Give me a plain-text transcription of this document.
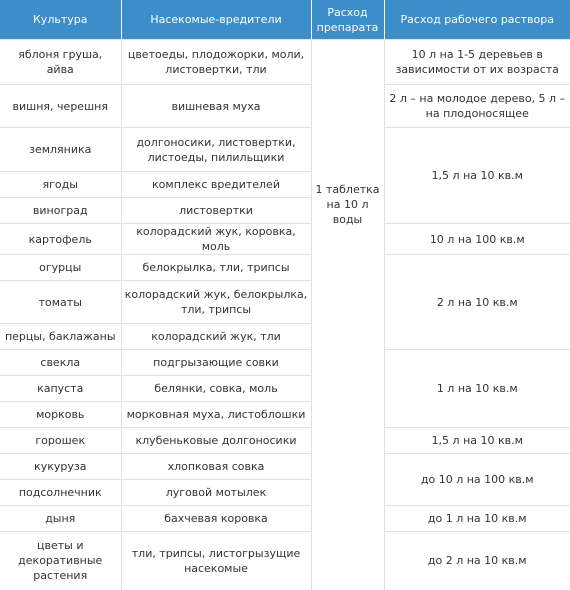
Культура	Насекомые-вредители	Расход препарата	Расход рабочего раствора
яблоня груша, айва	цветоеды, плодожорки, моли, листовертки, тли	1 таблетка на 10 л воды	10 л на 1-5 деревьев в зависимости от их возраста
вишня, черешня	вишневая муха		2 л – на молодое дерево, 5 л – на плодоносящее
земляника	долгоносики, листовертки, листоеды, пилильщики		1,5 л на 10 кв.м
ягоды	комплекс вредителей		
виноград	листовертки		
картофель	колорадский жук, коровка, моль		10 л на 100 кв.м
огурцы	белокрылка, тли, трипсы		2 л на 10 кв.м
томаты	колорадский жук, белокрылка, тли, трипсы		
перцы, баклажаны	колорадский жук, тли		
свекла	подгрызающие совки		1 л на 10 кв.м
капуста	белянки, совка, моль		
морковь	морковная муха, листоблошки		
горошек	клубеньковые долгоносики		1,5 л на 10 кв.м
кукуруза	хлопковая совка		до 10 л на 100 кв.м
подсолнечник	луговой мотылек		
дыня	бахчевая коровка		до 1 л на 10 кв.м
цветы и декоративные растения	тли, трипсы, листогрызущие насекомые		до 2 л на 10 кв.м
